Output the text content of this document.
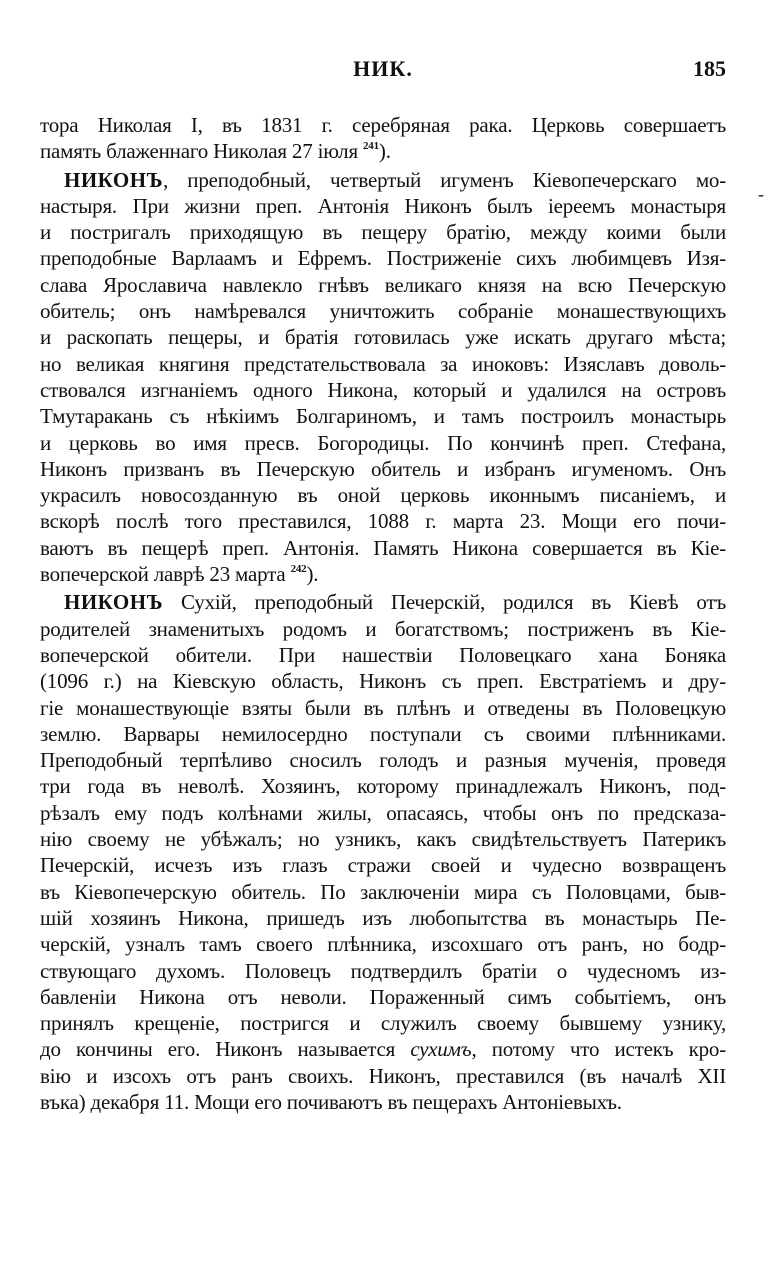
НИК.	185
-
тора Николая I, въ 1831 г. серебряная рака. Церковь совершаетъ
память блаженнаго Николая 27 іюля $^{241}$).
НИКОНЪ, преподобный, четвертый игуменъ Кіевопечерскаго мо-
настыря. При жизни преп. Антонія Никонъ былъ іереемъ монастыря
и постригалъ приходящую въ пещеру братію, между коими были
преподобные Варлаамъ и Ефремъ. Постриженіе сихъ любимцевъ Изя-
слава Ярославича навлекло гнѣвъ великаго князя на всю Печерскую
обитель; онъ намѣревался уничтожить собраніе монашествующихъ
и раскопать пещеры, и братія готовилась уже искать другаго мѣста;
но великая княгиня предстательствовала за иноковъ: Изяславъ доволь-
ствовался изгнаніемъ одного Никона, который и удалился на островъ
Тмутаракань съ нѣкіимъ Болгариномъ, и тамъ построилъ монастырь
и церковь во имя пресв. Богородицы. По кончинѣ преп. Стефана,
Никонъ призванъ въ Печерскую обитель и избранъ игуменомъ. Онъ
украсилъ новосозданную въ оной церковь иконнымъ писаніемъ, и
вскорѣ послѣ того преставился, 1088 г. марта 23. Мощи его почи-
ваютъ въ пещерѣ преп. Антонія. Память Никона совершается въ Кіе-
вопечерской лаврѣ 23 марта $^{242}$).
НИКОНЪ Сухій, преподобный Печерскій, родился въ Кіевѣ отъ
родителей знаменитыхъ родомъ и богатствомъ; постриженъ въ Кіе-
вопечерской обители. При нашествіи Половецкаго хана Боняка
(1096 г.) на Кіевскую область, Никонъ съ преп. Евстратіемъ и дру-
гіе монашествующіе взяты были въ плѣнъ и отведены въ Половецкую
землю. Варвары немилосердно поступали съ своими плѣнниками.
Преподобный терпѣливо сносилъ голодъ и разныя мученія, проведя
три года въ неволѣ. Хозяинъ, которому принадлежалъ Никонъ, под-
рѣзалъ ему подъ колѣнами жилы, опасаясь, чтобы онъ по предсказа-
нію своему не убѣжалъ; но узникъ, какъ свидѣтельствуетъ Патерикъ
Печерскій, исчезъ изъ глазъ стражи своей и чудесно возвращенъ
въ Кіевопечерскую обитель. По заключеніи мира съ Половцами, быв-
шій хозяинъ Никона, пришедъ изъ любопытства въ монастырь Пе-
черскій, узналъ тамъ своего плѣнника, изсохшаго отъ ранъ, но бодр-
ствующаго духомъ. Половецъ подтвердилъ братіи о чудесномъ из-
бавленіи Никона отъ неволи. Пораженный симъ событіемъ, онъ
принялъ крещеніе, постригся и служилъ своему бывшему узнику,
до кончины его. Никонъ называется сухимъ, потому что истекъ кро-
вію и изсохъ отъ ранъ своихъ. Никонъ, преставился (въ началѣ XII
въка) декабря 11. Мощи его почиваютъ въ пещерахъ Антоніевыхъ.
